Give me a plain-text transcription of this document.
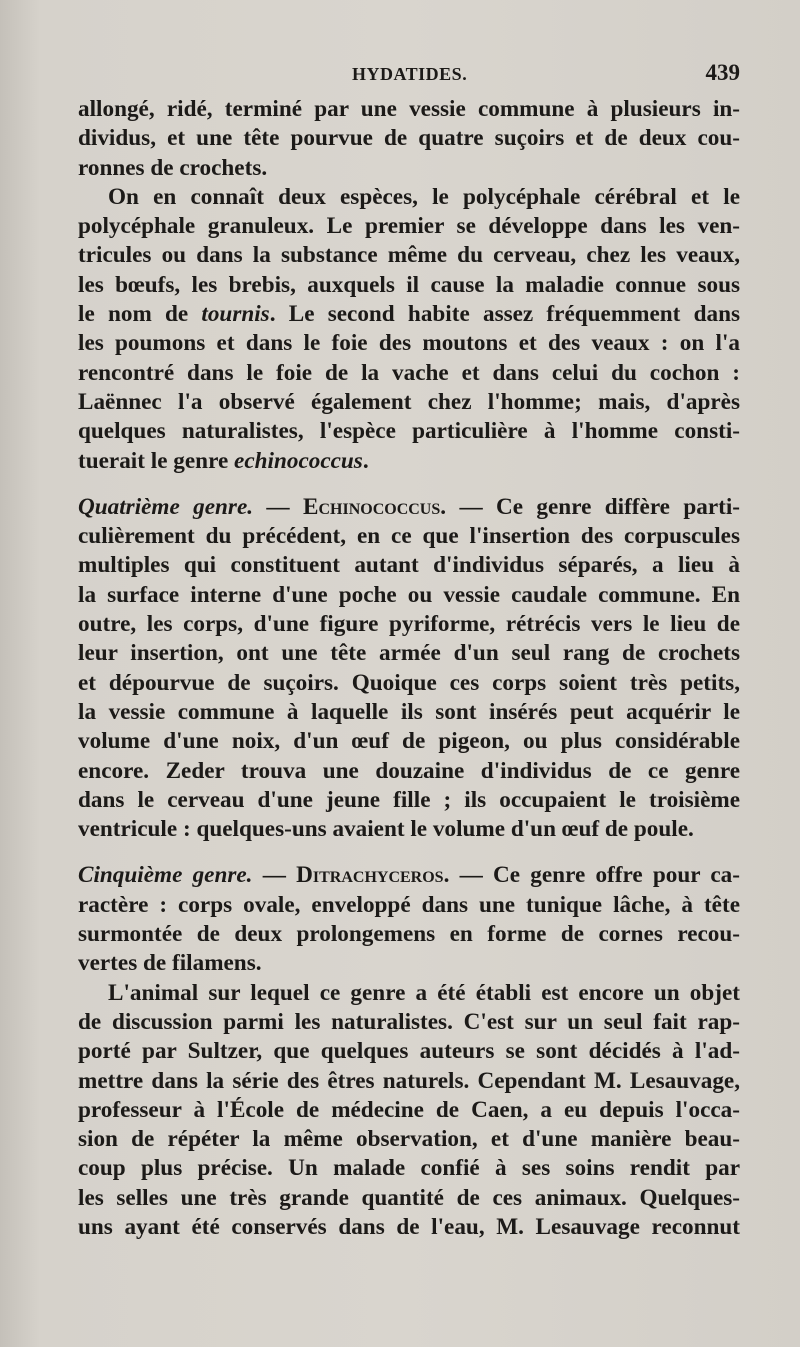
HYDATIDES.	439

allongé, ridé, terminé par une vessie commune à plusieurs in-
dividus, et une tête pourvue de quatre suçoirs et de deux cou-
ronnes de crochets.

On en connaît deux espèces, le polycéphale cérébral et le
polycéphale granuleux. Le premier se développe dans les ven-
tricules ou dans la substance même du cerveau, chez les veaux,
les bœufs, les brebis, auxquels il cause la maladie connue sous
le nom de tournis. Le second habite assez fréquemment dans
les poumons et dans le foie des moutons et des veaux : on l'a
rencontré dans le foie de la vache et dans celui du cochon :
Laënnec l'a observé également chez l'homme; mais, d'après
quelques naturalistes, l'espèce particulière à l'homme consti-
tuerait le genre echinococcus.

Quatrième genre. — Echinococcus. — Ce genre diffère parti-
culièrement du précédent, en ce que l'insertion des corpuscules
multiples qui constituent autant d'individus séparés, a lieu à
la surface interne d'une poche ou vessie caudale commune. En
outre, les corps, d'une figure pyriforme, rétrécis vers le lieu de
leur insertion, ont une tête armée d'un seul rang de crochets
et dépourvue de suçoirs. Quoique ces corps soient très petits,
la vessie commune à laquelle ils sont insérés peut acquérir le
volume d'une noix, d'un œuf de pigeon, ou plus considérable
encore. Zeder trouva une douzaine d'individus de ce genre
dans le cerveau d'une jeune fille ; ils occupaient le troisième
ventricule : quelques-uns avaient le volume d'un œuf de poule.

Cinquième genre. — Ditrachyceros. — Ce genre offre pour ca-
ractère : corps ovale, enveloppé dans une tunique lâche, à tête
surmontée de deux prolongemens en forme de cornes recou-
vertes de filamens.

L'animal sur lequel ce genre a été établi est encore un objet
de discussion parmi les naturalistes. C'est sur un seul fait rap-
porté par Sultzer, que quelques auteurs se sont décidés à l'ad-
mettre dans la série des êtres naturels. Cependant M. Lesauvage,
professeur à l'École de médecine de Caen, a eu depuis l'occa-
sion de répéter la même observation, et d'une manière beau-
coup plus précise. Un malade confié à ses soins rendit par
les selles une très grande quantité de ces animaux. Quelques-
uns ayant été conservés dans de l'eau, M. Lesauvage reconnut
